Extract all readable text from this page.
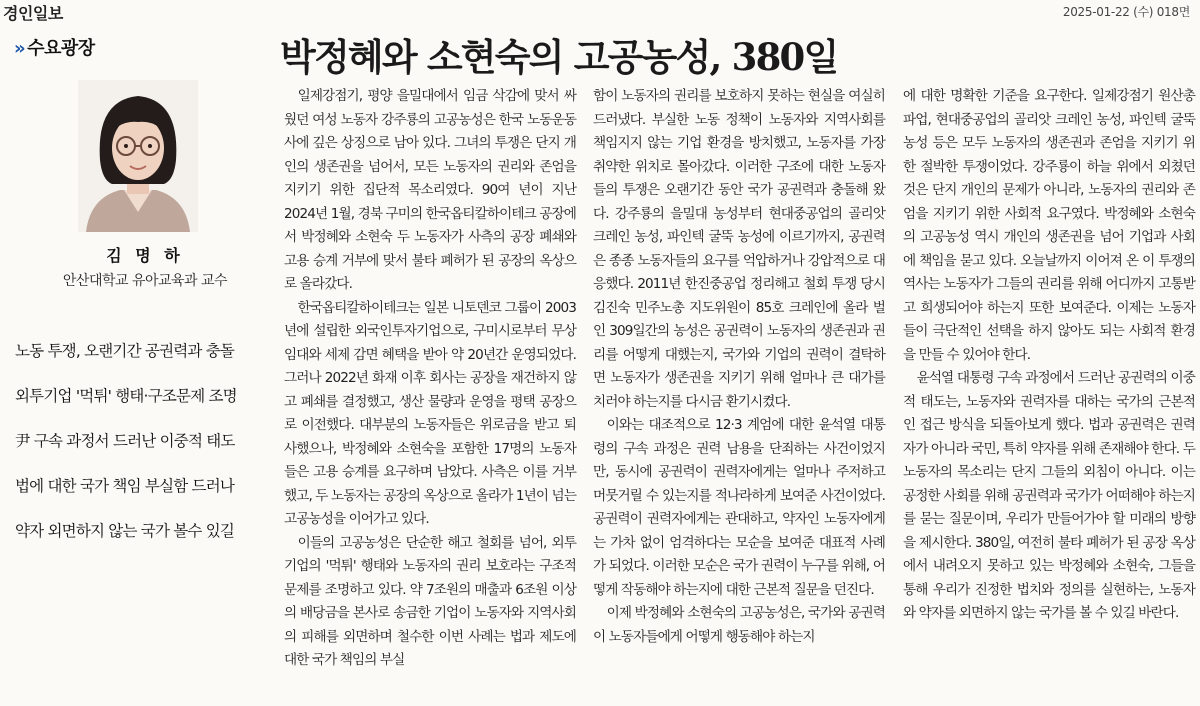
경인일보	2025-01-22 (수) 018면
» 수요광장	박정혜와 소현숙의 고공농성, 380일
김 명 하
안산대학교 유아교육과 교수
노동 투쟁, 오랜기간 공권력과 충돌
외투기업 '먹튀' 행태·구조문제 조명
尹 구속 과정서 드러난 이중적 태도
법에 대한 국가 책임 부실함 드러나
약자 외면하지 않는 국가 볼수 있길

일제강점기, 평양 을밀대에서 임금 삭감에 맞서 싸웠던 여성 노동자 강주룡의 고공농성은 한국 노동운동사에 깊은 상징으로 남아 있다. 그녀의 투쟁은 단지 개인의 생존권을 넘어서, 모든 노동자의 권리와 존엄을 지키기 위한 집단적 목소리였다. 90여 년이 지난 2024년 1월, 경북 구미의 한국옵티칼하이테크 공장에서 박정혜와 소현숙 두 노동자가 사측의 공장 폐쇄와 고용 승계 거부에 맞서 불타 폐허가 된 공장의 옥상으로 올라갔다.

한국옵티칼하이테크는 일본 니토덴코 그룹이 2003년에 설립한 외국인투자기업으로, 구미시로부터 무상 임대와 세제 감면 혜택을 받아 약 20년간 운영되었다. 그러나 2022년 화재 이후 회사는 공장을 재건하지 않고 폐쇄를 결정했고, 생산 물량과 운영을 평택 공장으로 이전했다. 대부분의 노동자들은 위로금을 받고 퇴사했으나, 박정혜와 소현숙을 포함한 17명의 노동자들은 고용 승계를 요구하며 남았다. 사측은 이를 거부했고, 두 노동자는 공장의 옥상으로 올라가 1년이 넘는 고공농성을 이어가고 있다.

이들의 고공농성은 단순한 해고 철회를 넘어, 외투기업의 '먹튀' 행태와 노동자의 권리 보호라는 구조적 문제를 조명하고 있다. 약 7조원의 매출과 6조원 이상의 배당금을 본사로 송금한 기업이 노동자와 지역사회의 피해를 외면하며 철수한 이번 사례는 법과 제도에 대한 국가 책임의 부실

함이 노동자의 권리를 보호하지 못하는 현실을 여실히 드러냈다. 부실한 노동 정책이 노동자와 지역사회를 책임지지 않는 기업 환경을 방치했고, 노동자를 가장 취약한 위치로 몰아갔다. 이러한 구조에 대한 노동자들의 투쟁은 오랜기간 동안 국가 공권력과 충돌해 왔다. 강주룡의 을밀대 농성부터 현대중공업의 골리앗 크레인 농성, 파인텍 굴뚝 농성에 이르기까지, 공권력은 종종 노동자들의 요구를 억압하거나 강압적으로 대응했다. 2011년 한진중공업 정리해고 철회 투쟁 당시 김진숙 민주노총 지도위원이 85호 크레인에 올라 벌인 309일간의 농성은 공권력이 노동자의 생존권과 권리를 어떻게 대했는지, 국가와 기업의 권력이 결탁하면 노동자가 생존권을 지키기 위해 얼마나 큰 대가를 치러야 하는지를 다시금 환기시켰다.

이와는 대조적으로 12·3 계엄에 대한 윤석열 대통령의 구속 과정은 권력 남용을 단죄하는 사건이었지만, 동시에 공권력이 권력자에게는 얼마나 주저하고 머뭇거릴 수 있는지를 적나라하게 보여준 사건이었다. 공권력이 권력자에게는 관대하고, 약자인 노동자에게는 가차 없이 엄격하다는 모순을 보여준 대표적 사례가 되었다. 이러한 모순은 국가 권력이 누구를 위해, 어떻게 작동해야 하는지에 대한 근본적 질문을 던진다.

이제 박정혜와 소현숙의 고공농성은, 국가와 공권력이 노동자들에게 어떻게 행동해야 하는지

에 대한 명확한 기준을 요구한다. 일제강점기 원산총파업, 현대중공업의 골리앗 크레인 농성, 파인텍 굴뚝 농성 등은 모두 노동자의 생존권과 존엄을 지키기 위한 절박한 투쟁이었다. 강주룡이 하늘 위에서 외쳤던 것은 단지 개인의 문제가 아니라, 노동자의 권리와 존엄을 지키기 위한 사회적 요구였다. 박정혜와 소현숙의 고공농성 역시 개인의 생존권을 넘어 기업과 사회에 책임을 묻고 있다. 오늘날까지 이어져 온 이 투쟁의 역사는 노동자가 그들의 권리를 위해 어디까지 고통받고 희생되어야 하는지 또한 보여준다. 이제는 노동자들이 극단적인 선택을 하지 않아도 되는 사회적 환경을 만들 수 있어야 한다.

윤석열 대통령 구속 과정에서 드러난 공권력의 이중적 태도는, 노동자와 권력자를 대하는 국가의 근본적인 접근 방식을 되돌아보게 했다. 법과 공권력은 권력자가 아니라 국민, 특히 약자를 위해 존재해야 한다. 두 노동자의 목소리는 단지 그들의 외침이 아니다. 이는 공정한 사회를 위해 공권력과 국가가 어떠해야 하는지를 묻는 질문이며, 우리가 만들어가야 할 미래의 방향을 제시한다. 380일, 여전히 불타 폐허가 된 공장 옥상에서 내려오지 못하고 있는 박정혜와 소현숙, 그들을 통해 우리가 진정한 법치와 정의를 실현하는, 노동자와 약자를 외면하지 않는 국가를 볼 수 있길 바란다.
